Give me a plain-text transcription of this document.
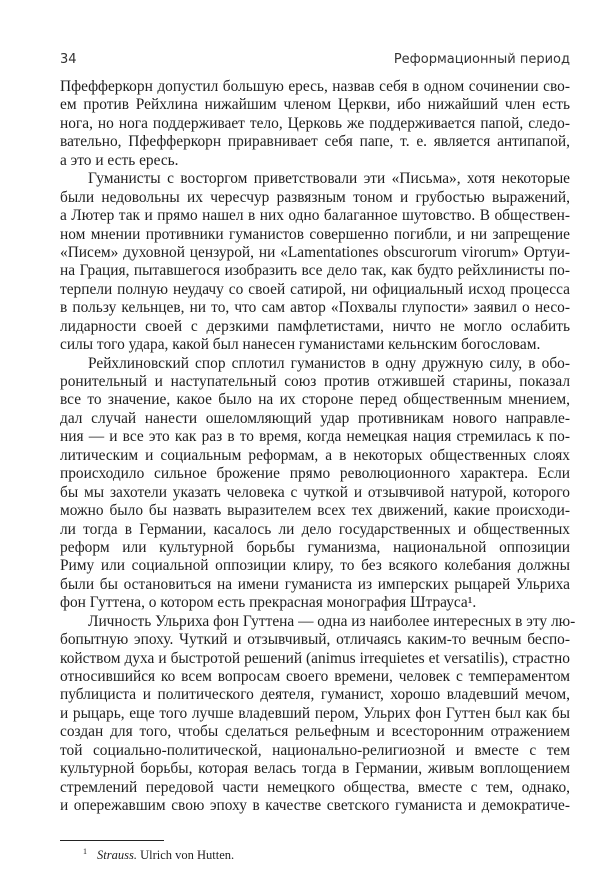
34	Реформационный период
Пфефферкорн допустил большую ересь, назвав себя в одном сочинении сво-
ем против Рейхлина нижайшим членом Церкви, ибо нижайший член есть
нога, но нога поддерживает тело, Церковь же поддерживается папой, следо-
вательно, Пфефферкорн приравнивает себя папе, т. е. является антипапой,
а это и есть ересь.
Гуманисты с восторгом приветствовали эти «Письма», хотя некоторые
были недовольны их чересчур развязным тоном и грубостью выражений,
а Лютер так и прямо нашел в них одно балаганное шутовство. В обществен-
ном мнении противники гуманистов совершенно погибли, и ни запрещение
«Писем» духовной цензурой, ни «Lamentationes obscurorum virorum» Ортуи-
на Грация, пытавшегося изобразить все дело так, как будто рейхлинисты по-
терпели полную неудачу со своей сатирой, ни официальный исход процесса
в пользу кельнцев, ни то, что сам автор «Похвалы глупости» заявил о несо-
лидарности своей с дерзкими памфлетистами, ничто не могло ослабить
силы того удара, какой был нанесен гуманистами кельнским богословам.
Рейхлиновский спор сплотил гуманистов в одну дружную силу, в обо-
ронительный и наступательный союз против отжившей старины, показал
все то значение, какое было на их стороне перед общественным мнением,
дал случай нанести ошеломляющий удар противникам нового направле-
ния — и все это как раз в то время, когда немецкая нация стремилась к по-
литическим и социальным реформам, а в некоторых общественных слоях
происходило сильное брожение прямо революционного характера. Если
бы мы захотели указать человека с чуткой и отзывчивой натурой, которого
можно было бы назвать выразителем всех тех движений, какие происходи-
ли тогда в Германии, касалось ли дело государственных и общественных
реформ или культурной борьбы гуманизма, национальной оппозиции
Риму или социальной оппозиции клиру, то без всякого колебания должны
были бы остановиться на имени гуманиста из имперских рыцарей Ульриха
фон Гуттена, о котором есть прекрасная монография Штрауса¹.
Личность Ульриха фон Гуттена — одна из наиболее интересных в эту лю-
бопытную эпоху. Чуткий и отзывчивый, отличаясь каким-то вечным беспо-
койством духа и быстротой решений (animus irrequietes et versatilis), страстно
относившийся ко всем вопросам своего времени, человек с темпераментом
публициста и политического деятеля, гуманист, хорошо владевший мечом,
и рыцарь, еще того лучше владевший пером, Ульрих фон Гуттен был как бы
создан для того, чтобы сделаться рельефным и всесторонним отражением
той социально-политической, национально-религиозной и вместе с тем
культурной борьбы, которая велась тогда в Германии, живым воплощением
стремлений передовой части немецкого общества, вместе с тем, однако,
и опережавшим свою эпоху в качестве светского гуманиста и демократиче-
$^1$ Strauss. Ulrich von Hutten.
